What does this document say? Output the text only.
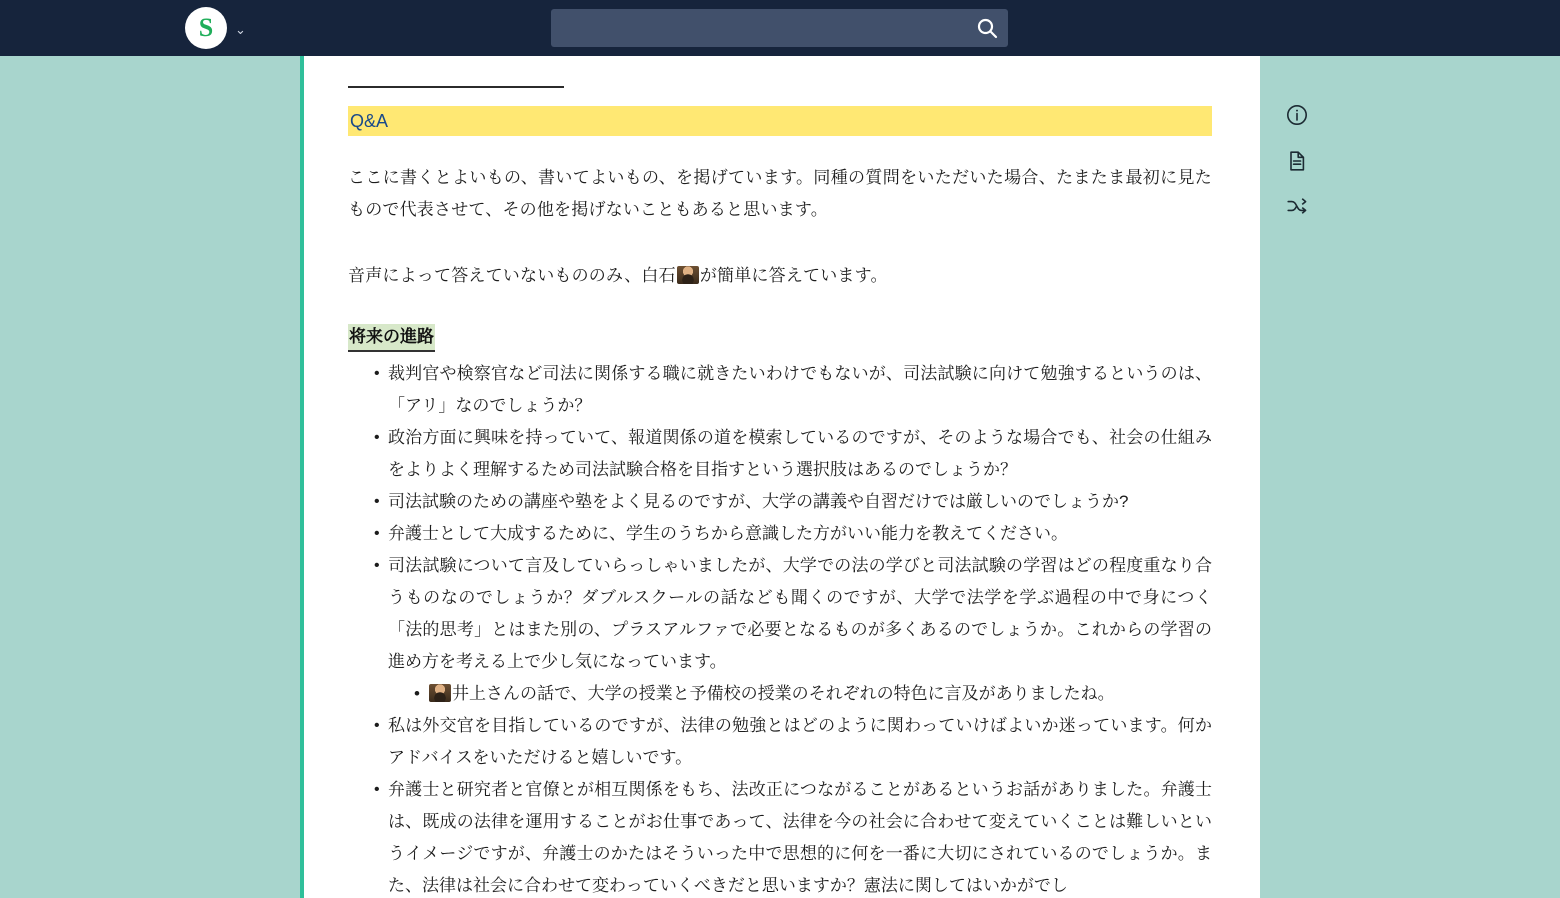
S ⌄
Q&A
ここに書くとよいもの、書いてよいもの、を掲げています。同種の質問をいただいた場合、たまたま最初に見たもので代表させて、その他を掲げないこともあると思います。
音声によって答えていないもののみ、白石 が簡単に答えています。
将来の進路
• 裁判官や検察官など司法に関係する職に就きたいわけでもないが、司法試験に向けて勉強するというのは、「アリ」なのでしょうか？
• 政治方面に興味を持っていて、報道関係の道を模索しているのですが、そのような場合でも、社会の仕組みをよりよく理解するため司法試験合格を目指すという選択肢はあるのでしょうか？
• 司法試験のための講座や塾をよく見るのですが、大学の講義や自習だけでは厳しいのでしょうか?
• 弁護士として大成するために、学生のうちから意識した方がいい能力を教えてください。
• 司法試験について言及していらっしゃいましたが、大学での法の学びと司法試験の学習はどの程度重なり合うものなのでしょうか？ダブルスクールの話なども聞くのですが、大学で法学を学ぶ過程の中で身につく「法的思考」とはまた別の、プラスアルファで必要となるものが多くあるのでしょうか。これからの学習の進め方を考える上で少し気になっています。
• 井上さんの話で、大学の授業と予備校の授業のそれぞれの特色に言及がありましたね。
• 私は外交官を目指しているのですが、法律の勉強とはどのように関わっていけばよいか迷っています。何かアドバイスをいただけると嬉しいです。
• 弁護士と研究者と官僚とが相互関係をもち、法改正につながることがあるというお話がありました。弁護士は、既成の法律を運用することがお仕事であって、法律を今の社会に合わせて変えていくことは難しいというイメージですが、弁護士のかたはそういった中で思想的に何を一番に大切にされているのでしょうか。また、法律は社会に合わせて変わっていくべきだと思いますか？憲法に関してはいかがでし
